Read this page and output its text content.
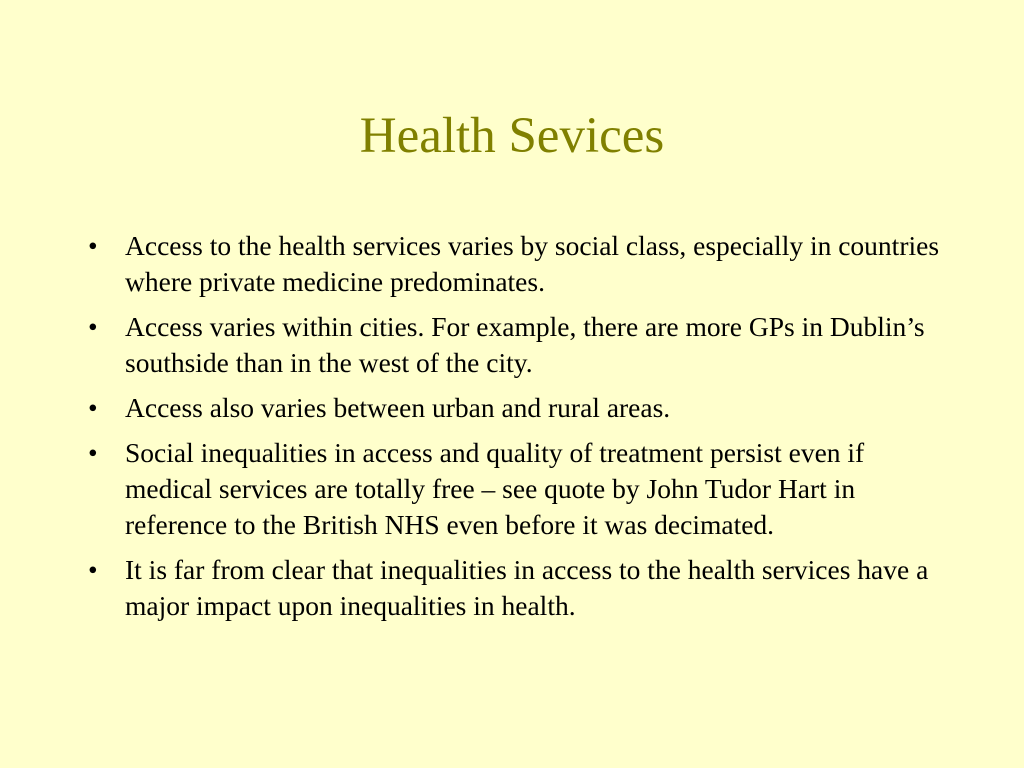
Health Sevices
• Access to the health services varies by social class, especially in countries where private medicine predominates.
• Access varies within cities. For example, there are more GPs in Dublin’s southside than in the west of the city.
• Access also varies between urban and rural areas.
• Social inequalities in access and quality of treatment persist even if medical services are totally free – see quote by John Tudor Hart in reference to the British NHS even before it was decimated.
• It is far from clear that inequalities in access to the health services have a major impact upon inequalities in health.
